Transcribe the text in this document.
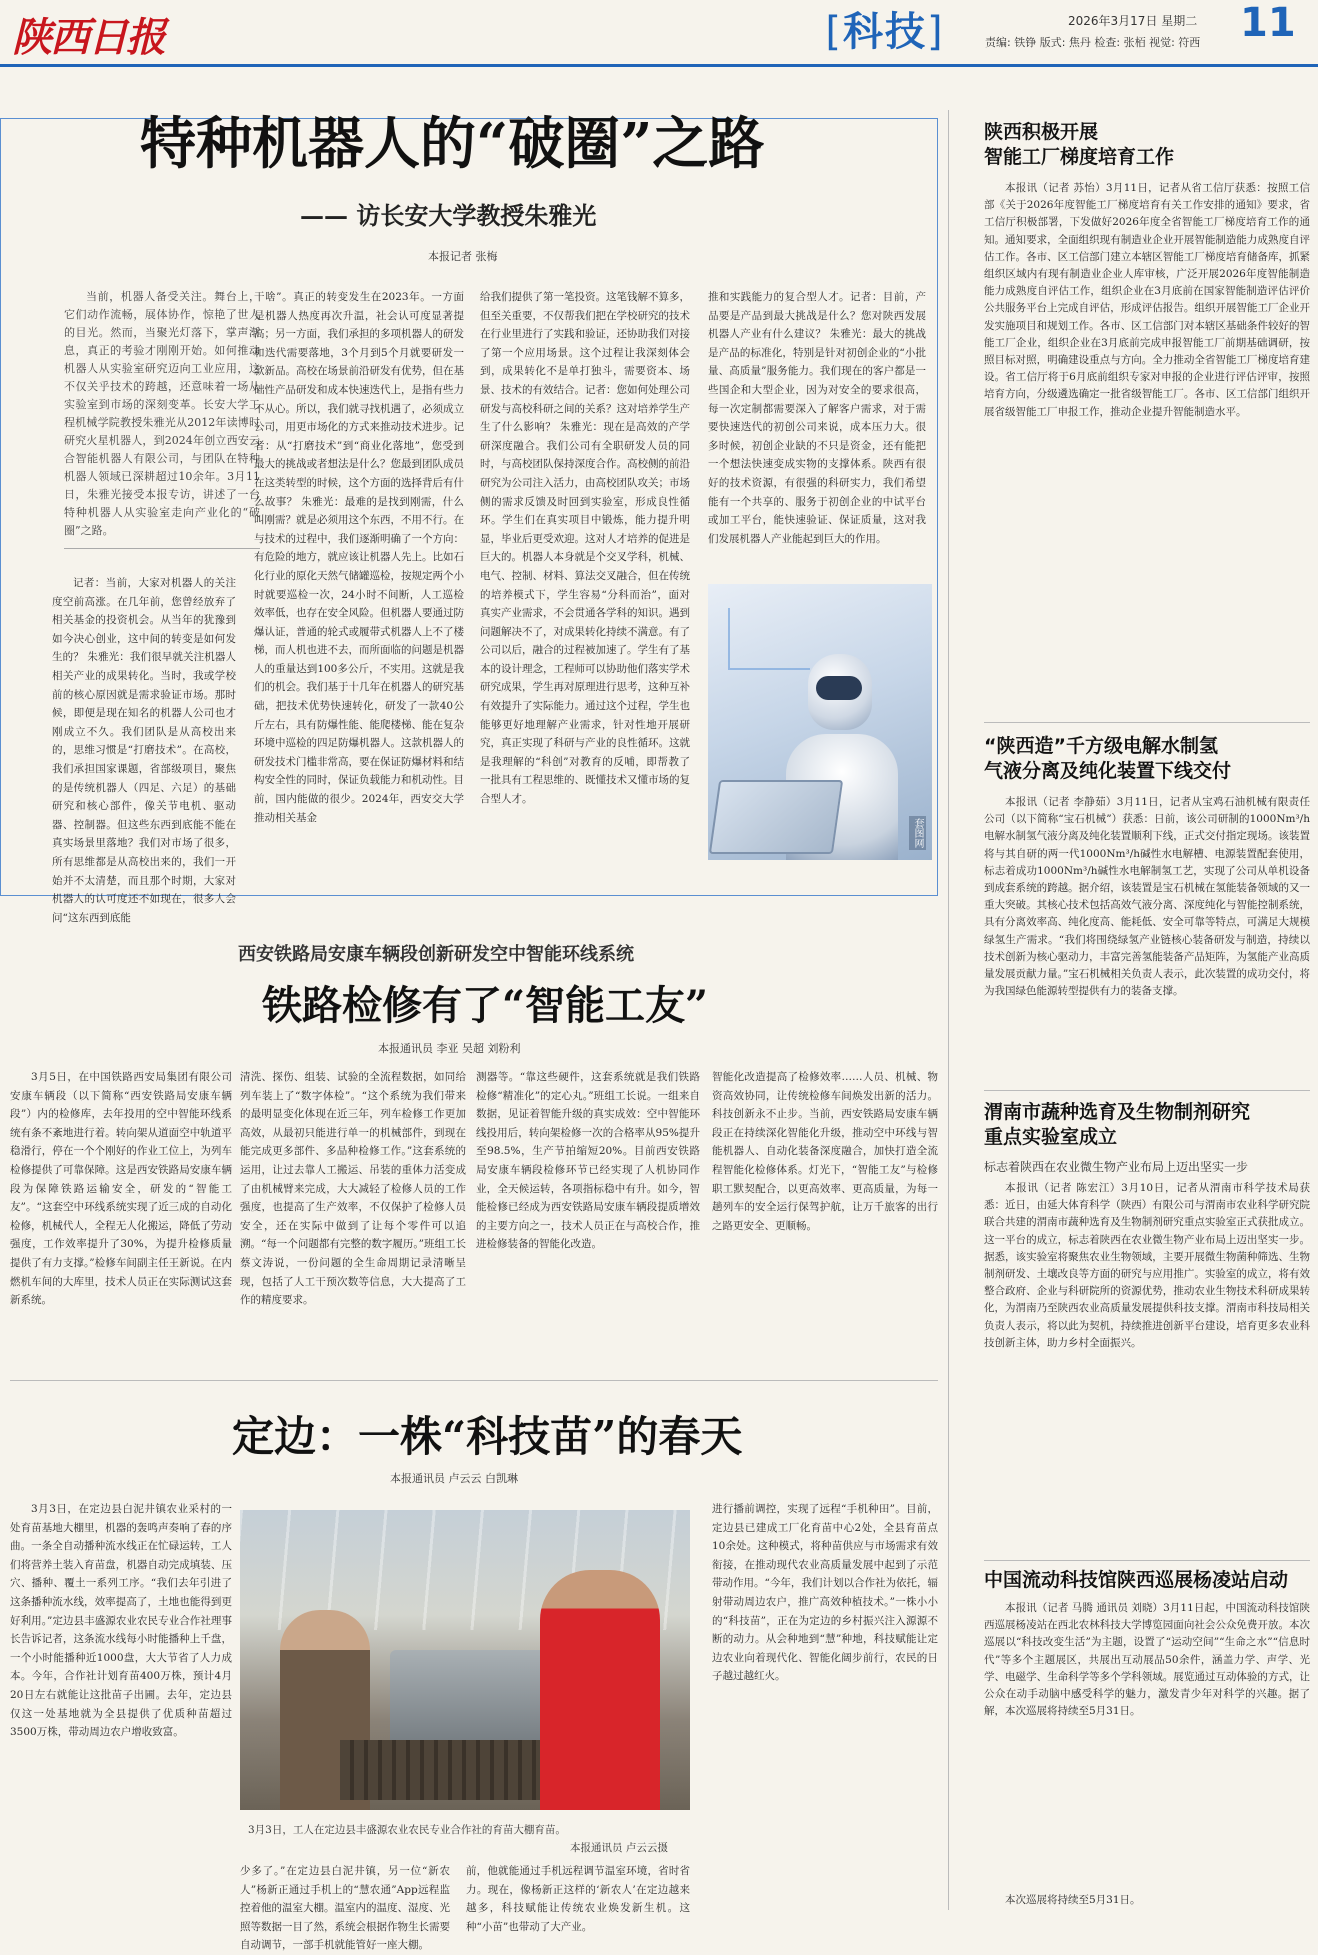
陕西日报	[科技]	2026年3月17日 星期二
责编: 铁铮 版式: 焦丹 检查: 张栢 视觉: 符西 11
特种机器人的“破圈”之路
—— 访长安大学教授朱雅光
本报记者 张梅
当前，机器人备受关注。舞台上，它们动作流畅，展体协作，惊艳了世人的目光。然而，当聚光灯落下，掌声渐息，真正的考验才刚刚开始。如何推动机器人从实验室研究迈向工业应用，这不仅关乎技术的跨越，还意味着一场从实验室到市场的深刻变革。长安大学工程机械学院教授朱雅光从2012年读博时研究火星机器人，到2024年创立西安云合智能机器人有限公司，与团队在特种机器人领域已深耕超过10余年。3月11日，朱雅光接受本报专访，讲述了一台特种机器人从实验室走向产业化的“破圈”之路。
记者：当前，大家对机器人的关注度空前高涨。在几年前，您曾经放弃了相关基金的投资机会。从当年的犹豫到如今决心创业，这中间的转变是如何发生的？ 朱雅光：我们很早就关注机器人相关产业的成果转化。当时，我或学校前的核心原因就是需求验证市场。那时候，即便是现在知名的机器人公司也才刚成立不久。我们团队是从高校出来的，思维习惯是“打磨技术”。在高校，我们承担国家课题，省部级项目，聚焦的是传统机器人（四足、六足）的基础研究和核心部件，像关节电机、驱动器、控制器。但这些东西到底能不能在真实场景里落地？我们对市场了很多，所有思维都是从高校出来的，我们一开始并不太清楚，而且那个时期，大家对机器人的认可度还不如现在，很多人会问“这东西到底能
干啥”。真正的转变发生在2023年。一方面是机器人热度再次升温，社会认可度显著提高；另一方面，我们承担的多项机器人的研发和迭代需要落地，3个月到5个月就要研发一款新品。高校在场景前沿研发有优势，但在基础性产品研发和成本快速迭代上，是指有些力不从心。所以，我们就寻找机遇了，必须成立公司，用更市场化的方式来推动技术进步。记者：从“打磨技术”到“商业化落地”，您受到最大的挑战或者想法是什么？您最到团队成员在这类转型的时候，这个方面的选择背后有什么故事？ 朱雅光：最难的是找到刚需，什么叫刚需？就是必须用这个东西，不用不行。在与技术的过程中，我们逐渐明确了一个方向：有危险的地方，就应该让机器人先上。比如石化行业的原化天然气储罐巡检，按规定两个小时就要巡检一次，24小时不间断，人工巡检效率低，也存在安全风险。但机器人要通过防爆认证，普通的轮式或履带式机器人上不了楼梯，而人机也进不去，而所面临的问题是机器人的重量达到100多公斤，不实用。这就是我们的机会。我们基于十几年在机器人的研究基础，把技术优势快速转化，研发了一款40公斤左右，具有防爆性能、能爬楼梯、能在复杂环境中巡检的四足防爆机器人。这款机器人的研发技术门槛非常高，要在保证防爆材料和结构安全性的同时，保证负载能力和机动性。目前，国内能做的很少。2024年，西安交大学推动相关基金
给我们提供了第一笔投资。这笔钱解不算多，但至关重要，不仅帮我们把在学校研究的技术在行业里进行了实践和验证，还协助我们对接了第一个应用场景。这个过程让我深刻体会到，成果转化不是单打独斗，需要资本、场景、技术的有效结合。记者：您如何处理公司研发与高校科研之间的关系？这对培养学生产生了什么影响？ 朱雅光：现在是高效的产学研深度融合。我们公司有全职研发人员的同时，与高校团队保持深度合作。高校侧的前沿研究为公司注入活力，由高校团队攻关；市场侧的需求反馈及时回到实验室，形成良性循环。学生们在真实项目中锻炼，能力提升明显，毕业后更受欢迎。这对人才培养的促进是巨大的。机器人本身就是个交叉学科，机械、电气、控制、材料、算法交叉融合，但在传统的培养模式下，学生容易“分科而治”，面对真实产业需求，不会贯通各学科的知识。遇到问题解决不了，对成果转化持续不满意。有了公司以后，融合的过程被加速了。学生有了基本的设计理念，工程师可以协助他们落实学术研究成果，学生再对原理进行思考，这种互补有效提升了实际能力。通过这个过程，学生也能够更好地理解产业需求，针对性地开展研究，真正实现了科研与产业的良性循环。这就是我理解的“科创”对教育的反哺，即帮教了一批具有工程思维的、既懂技术又懂市场的复合型人才。
推和实践能力的复合型人才。记者：目前，产品要是产品到最大挑战是什么？您对陕西发展机器人产业有什么建议？ 朱雅光：最大的挑战是产品的标准化，特别是针对初创企业的“小批量、高质量”服务能力。我们现在的客户都是一些国企和大型企业，因为对安全的要求很高，每一次定制都需要深入了解客户需求，对于需要快速迭代的初创公司来说，成本压力大。很多时候，初创企业缺的不只是资金，还有能把一个想法快速变成实物的支撑体系。陕西有很好的技术资源，有很强的科研实力，我们希望能有一个共享的、服务于初创企业的中试平台或加工平台，能快速验证、保证质量，这对我们发展机器人产业能起到巨大的作用。
套图网
西安铁路局安康车辆段创新研发空中智能环线系统
铁路检修有了“智能工友”
本报通讯员 李亚 吴超 刘粉利
3月5日，在中国铁路西安局集团有限公司安康车辆段（以下简称“西安铁路局安康车辆段”）内的检修库，去年投用的空中智能环线系统有条不紊地进行着。转向架从道面空中轨道平稳滑行，停在一个个刚好的作业工位上，为列车检修提供了可靠保障。这是西安铁路局安康车辆段为保障铁路运输安全，研发的“智能工友”。“这套空中环线系统实现了近三成的自动化检修，机械代人，全程无人化搬运，降低了劳动强度，工作效率提升了30%，为提升检修质量提供了有力支撑。”检修车间副主任王新说。在内燃机车间的大库里，技术人员正在实际测试这套新系统。
清洗、探伤、组装、试验的全流程数据，如同给列车装上了“数字体检”。“这个系统为我们带来的最明显变化体现在近三年，列车检修工作更加高效，从最初只能进行单一的机械部件，到现在能完成更多部件、多品种检修工作。”这套系统的运用，让过去靠人工搬运、吊装的重体力活变成了由机械臂来完成，大大减轻了检修人员的工作强度，也提高了生产效率，不仅保护了检修人员安全，还在实际中做到了让每个零件可以追溯。“每一个问题都有完整的数字履历。”班组工长蔡文涛说，一份问题的全生命周期记录清晰呈现，包括了人工干预次数等信息，大大提高了工作的精度要求。
测器等。“靠这些硬件，这套系统就是我们铁路检修“精准化”的定心丸。”班组工长说。一组来自数据，见证着智能升级的真实成效：空中智能环线投用后，转向架检修一次的合格率从95%提升至98.5%，生产节拍缩短20%。目前西安铁路局安康车辆段检修环节已经实现了人机协同作业，全天候运转，各项指标稳中有升。如今，智能检修已经成为西安铁路局安康车辆段提质增效的主要方向之一，技术人员正在与高校合作，推进检修装备的智能化改造。
智能化改造提高了检修效率……人员、机械、物资高效协同，让传统检修车间焕发出新的活力。科技创新永不止步。当前，西安铁路局安康车辆段正在持续深化智能化升级，推动空中环线与智能机器人、自动化装备深度融合，加快打造全流程智能化检修体系。灯光下，“智能工友”与检修职工默契配合，以更高效率、更高质量，为每一趟列车的安全运行保驾护航，让万千旅客的出行之路更安全、更顺畅。
定边：一株“科技苗”的春天
本报通讯员 卢云云 白凯琳
3月3日，在定边县白泥井镇农业采村的一处育苗基地大棚里，机器的轰鸣声奏响了春的序曲。一条全自动播种流水线正在忙碌运转，工人们将营养土装入育苗盘，机器自动完成填装、压穴、播种、覆土一系列工序。“我们去年引进了这条播种流水线，效率提高了，土地也能得到更好利用。”定边县丰盛源农业农民专业合作社理事长告诉记者，这条流水线每小时能播种上千盘，一个小时能播种近1000盘，大大节省了人力成本。今年，合作社计划育苗400万株，预计4月20日左右就能让这批苗子出圃。去年，定边县仅这一处基地就为全县提供了优质种苗超过3500万株，带动周边农户增收致富。
3月3日，工人在定边县丰盛源农业农民专业合作社的育苗大棚育苗。
本报通讯员 卢云云摄
少多了。”在定边县白泥井镇，另一位“新农人”杨新正通过手机上的“慧农通”App远程监控着他的温室大棚。温室内的温度、湿度、光照等数据一目了然，系统会根据作物生长需要自动调节，一部手机就能管好一座大棚。
前，他就能通过手机远程调节温室环境，省时省力。现在，像杨新正这样的‘新农人’在定边越来越多，科技赋能让传统农业焕发新生机。这种“小苗”也带动了大产业。
进行播前调控，实现了远程“手机种田”。目前，定边县已建成工厂化育苗中心2处，全县育苗点10余处。这种模式，将种苗供应与市场需求有效衔接，在推动现代农业高质量发展中起到了示范带动作用。“今年，我们计划以合作社为依托，辐射带动周边农户，推广高效种植技术。”一株小小的“科技苗”，正在为定边的乡村振兴注入源源不断的动力。从会种地到“慧”种地，科技赋能让定边农业向着现代化、智能化阔步前行，农民的日子越过越红火。
陕西积极开展
智能工厂梯度培育工作
本报讯（记者 苏怡）3月11日，记者从省工信厅获悉：按照工信部《关于2026年度智能工厂梯度培育有关工作安排的通知》要求，省工信厅积极部署，下发做好2026年度全省智能工厂梯度培育工作的通知。通知要求，全面组织现有制造业企业开展智能制造能力成熟度自评估工作。各市、区工信部门建立本辖区智能工厂梯度培育储备库，抓紧组织区域内有现有制造业企业人库审核，广泛开展2026年度智能制造能力成熟度自评估工作，组织企业在3月底前在国家智能制造评估评价公共服务平台上完成自评估，形成评估报告。组织开展智能工厂企业开发实施项目和规划工作。各市、区工信部门对本辖区基础条件较好的智能工厂企业，组织企业在3月底前完成申报智能工厂前期基础调研，按照目标对照，明确建设重点与方向。全力推动全省智能工厂梯度培育建设。省工信厅将于6月底前组织专家对申报的企业进行评估评审，按照培育方向，分级遴选确定一批省级智能工厂。各市、区工信部门组织开展省级智能工厂申报工作，推动企业提升智能制造水平。
“陕西造”千方级电解水制氢
气液分离及纯化装置下线交付
本报讯（记者 李静茹）3月11日，记者从宝鸡石油机械有限责任公司（以下简称“宝石机械”）获悉：日前，该公司研制的1000Nm³/h电解水制氢气液分离及纯化装置顺利下线，正式交付指定现场。该装置将与其自研的两一代1000Nm³/h碱性水电解槽、电源装置配套使用，标志着成功1000Nm³/h碱性水电解制氢工艺，实现了公司从单机设备到成套系统的跨越。据介绍，该装置是宝石机械在氢能装备领域的又一重大突破。其核心技术包括高效气液分离、深度纯化与智能控制系统，具有分离效率高、纯化度高、能耗低、安全可靠等特点，可满足大规模绿氢生产需求。“我们将围绕绿氢产业链核心装备研发与制造，持续以技术创新为核心驱动力，丰富完善氢能装备产品矩阵，为氢能产业高质量发展贡献力量。”宝石机械相关负责人表示，此次装置的成功交付，将为我国绿色能源转型提供有力的装备支撑。
渭南市蔬种选育及生物制剂研究
重点实验室成立
标志着陕西在农业微生物产业布局上迈出坚实一步
本报讯（记者 陈宏江）3月10日，记者从渭南市科学技术局获悉：近日，由延大体育科学（陕西）有限公司与渭南市农业科学研究院联合共建的渭南市蔬种选育及生物制剂研究重点实验室正式获批成立。这一平台的成立，标志着陕西在农业微生物产业布局上迈出坚实一步。据悉，该实验室将聚焦农业生物领域，主要开展微生物菌种筛选、生物制剂研发、土壤改良等方面的研究与应用推广。实验室的成立，将有效整合政府、企业与科研院所的资源优势，推动农业生物技术科研成果转化，为渭南乃至陕西农业高质量发展提供科技支撑。渭南市科技局相关负责人表示，将以此为契机，持续推进创新平台建设，培育更多农业科技创新主体，助力乡村全面振兴。
中国流动科技馆陕西巡展杨凌站启动
本报讯（记者 马腾 通讯员 刘晓）3月11日起，中国流动科技馆陕西巡展杨凌站在西北农林科技大学博览园面向社会公众免费开放。本次巡展以“科技改变生活”为主题，设置了“运动空间”“生命之水”“信息时代”等多个主题展区，共展出互动展品50余件，涵盖力学、声学、光学、电磁学、生命科学等多个学科领域。展览通过互动体验的方式，让公众在动手动脑中感受科学的魅力，激发青少年对科学的兴趣。据了解，本次巡展将持续至5月31日。
本次巡展将持续至5月31日。
